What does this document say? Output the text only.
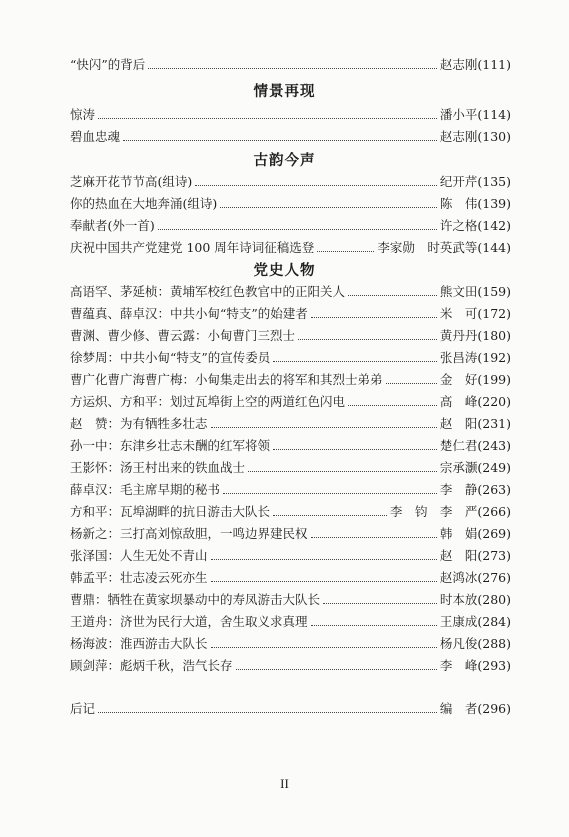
“快闪”的背后	赵志刚(111)
情景再现
惊涛	潘小平(114)
碧血忠魂	赵志刚(130)
古韵今声
芝麻开花节节高(组诗)	纪开芹(135)
你的热血在大地奔涌(组诗)	陈　伟(139)
奉献者(外一首)	许之格(142)
庆祝中国共产党建党 100 周年诗词征稿选登	李家勋　时英武等(144)
党史人物
高语罕、茅延桢：黄埔军校红色教官中的正阳关人	熊文田(159)
曹蕴真、薛卓汉：中共小甸“特支”的始建者	米　可(172)
曹渊、曹少修、曹云露：小甸曹门三烈士	黄丹丹(180)
徐梦周：中共小甸“特支”的宣传委员	张昌涛(192)
曹广化曹广海曹广梅：小甸集走出去的将军和其烈士弟弟	金　好(199)
方运炽、方和平：划过瓦埠街上空的两道红色闪电	高　峰(220)
赵　赞：为有牺牲多壮志	赵　阳(231)
孙一中：东津乡壮志未酬的红军将领	楚仁君(243)
王影怀：汤王村出来的铁血战士	宗承灏(249)
薛卓汉：毛主席早期的秘书	李　静(263)
方和平：瓦埠湖畔的抗日游击大队长	李　钧　李　严(266)
杨新之：三打高刘惊敌胆，一鸣边界建民权	韩　娟(269)
张泽国：人生无处不青山	赵　阳(273)
韩孟平：壮志凌云死亦生	赵鸿冰(276)
曹鼎：牺牲在黄家坝暴动中的寿凤游击大队长	时本放(280)
王道舟：济世为民行大道，舍生取义求真理	王康成(284)
杨海波：淮西游击大队长	杨凡俊(288)
顾剑萍：彪炳千秋，浩气长存	李　峰(293)
后记	编　者(296)
II
